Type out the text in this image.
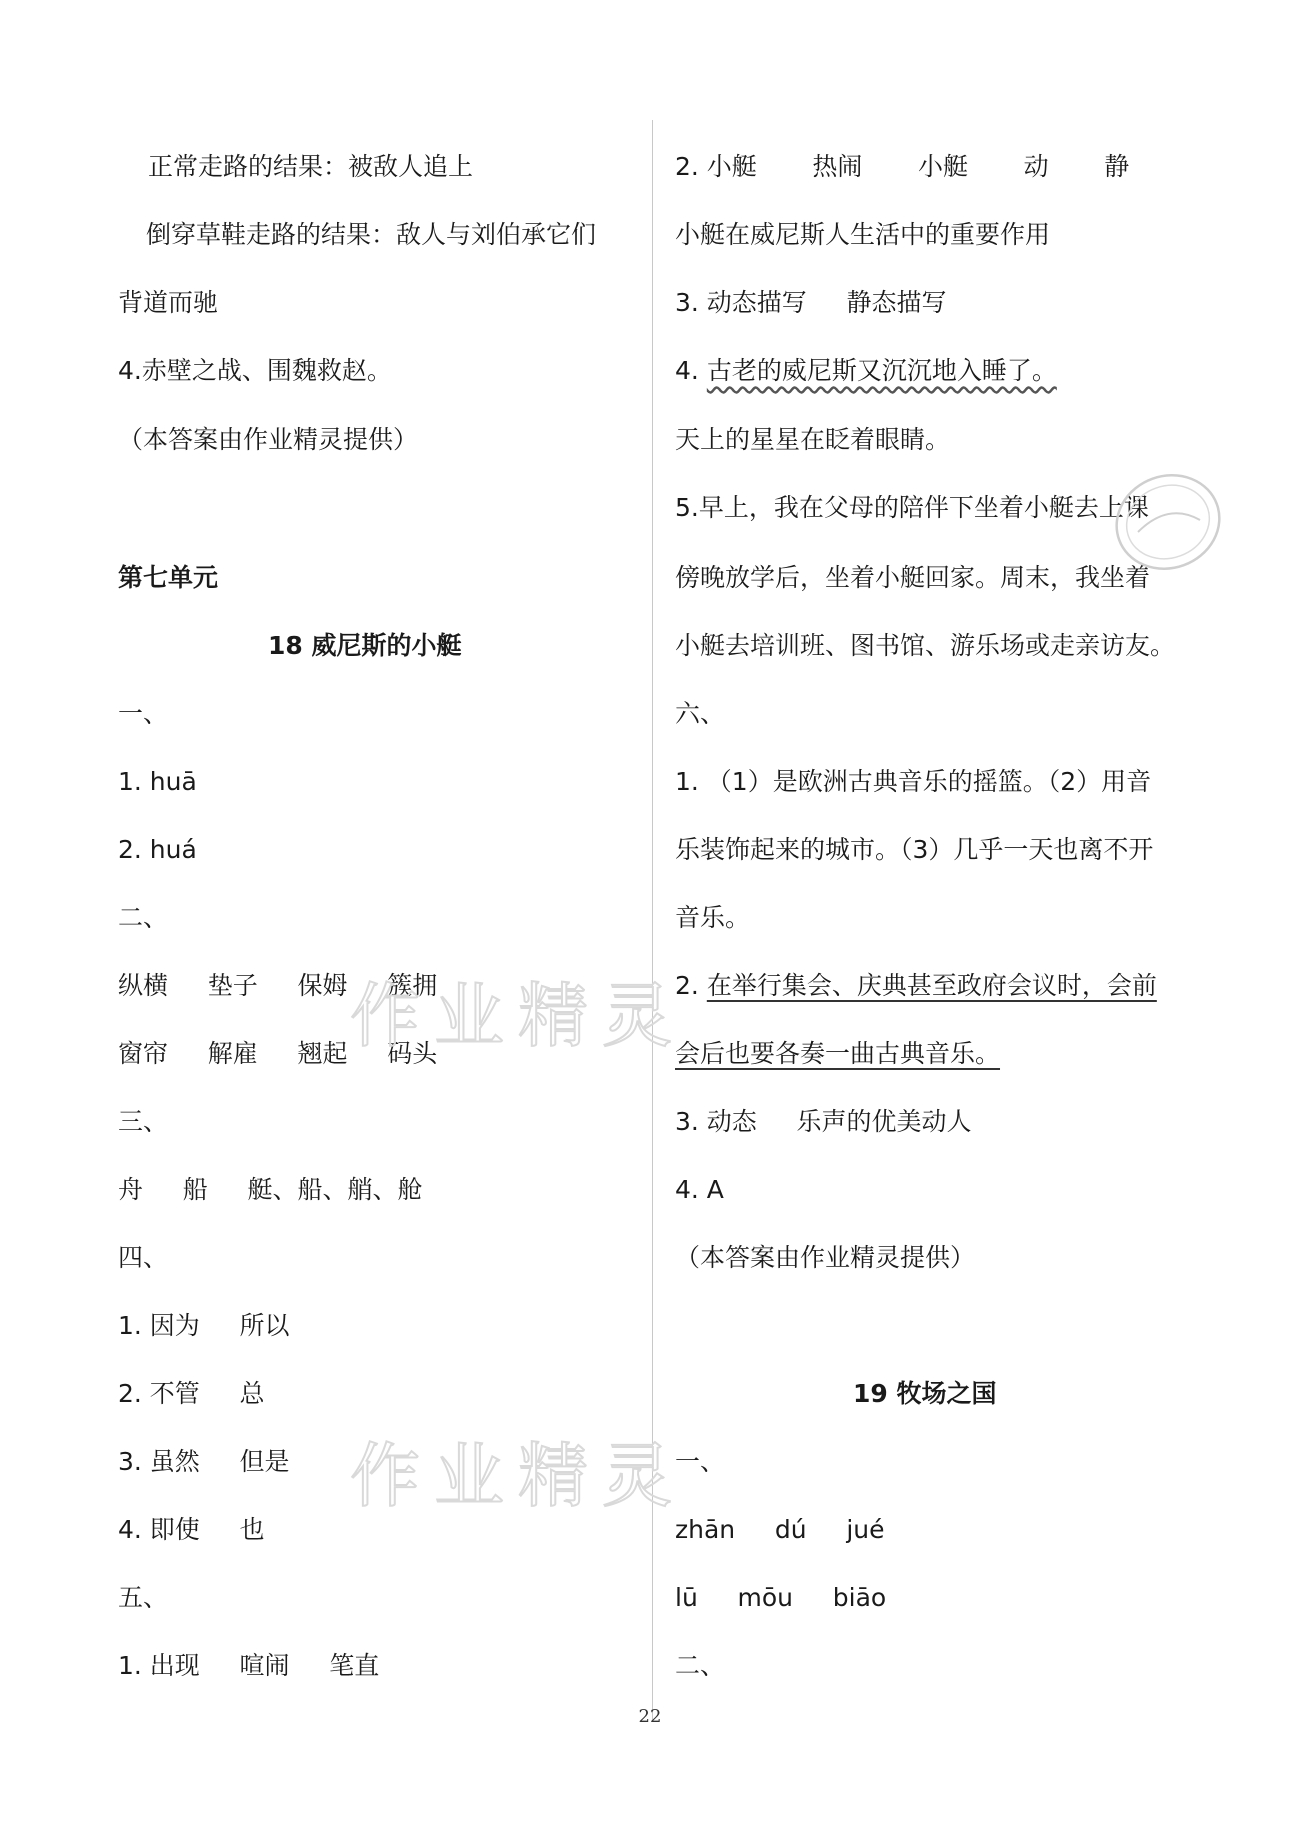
正常走路的结果：被敌人追上
倒穿草鞋走路的结果：敌人与刘伯承它们
背道而驰
4.赤壁之战、围魏救赵。
（本答案由作业精灵提供）
第七单元
18 威尼斯的小艇
一、
1. huā
2. huá
二、
纵横     垫子     保姆     簇拥
窗帘     解雇     翘起     码头
三、
舟     船     艇、船、艄、舱
四、
1. 因为     所以
2. 不管     总
3. 虽然     但是
4. 即使     也
五、
1. 出现     喧闹     笔直
2. 小艇       热闹       小艇       动       静
小艇在威尼斯人生活中的重要作用
3. 动态描写     静态描写
4. 古老的威尼斯又沉沉地入睡了。
天上的星星在眨着眼睛。
5.早上，我在父母的陪伴下坐着小艇去上课
傍晚放学后，坐着小艇回家。周末，我坐着
小艇去培训班、图书馆、游乐场或走亲访友。
六、
1. （1）是欧洲古典音乐的摇篮。（2）用音
乐装饰起来的城市。（3）几乎一天也离不开
音乐。
2. 在举行集会、庆典甚至政府会议时，会前
会后也要各奏一曲古典音乐。
3. 动态     乐声的优美动人
4. A
（本答案由作业精灵提供）
19 牧场之国
一、
zhān     dú     jué
lū     mōu     biāo
二、
作业精灵
作业精灵
22
